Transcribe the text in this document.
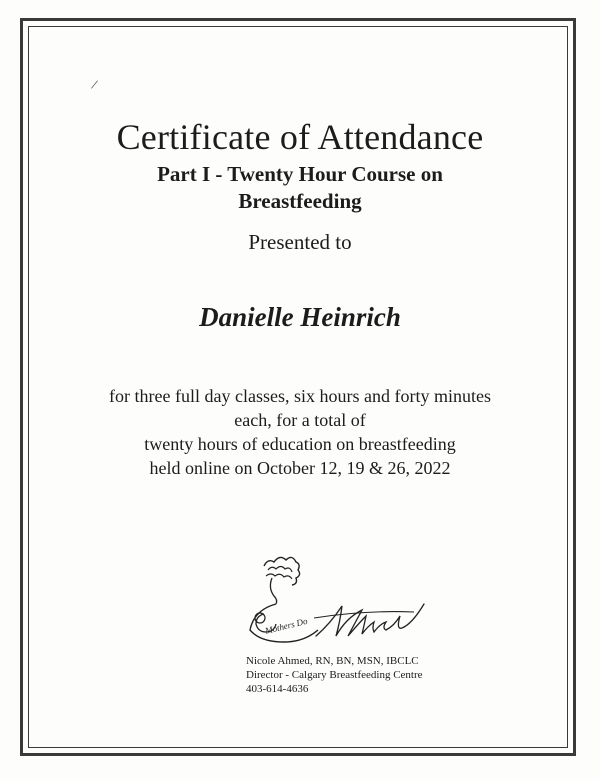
/
Certificate of Attendance
Part I - Twenty Hour Course on
Breastfeeding
Presented to
Danielle Heinrich
for three full day classes, six hours and forty minutes
each, for a total of
twenty hours of education on breastfeeding
held online on October 12, 19 & 26, 2022
Mothers Do
Nicole Ahmed, RN, BN, MSN, IBCLC
Director - Calgary Breastfeeding Centre
403-614-4636
